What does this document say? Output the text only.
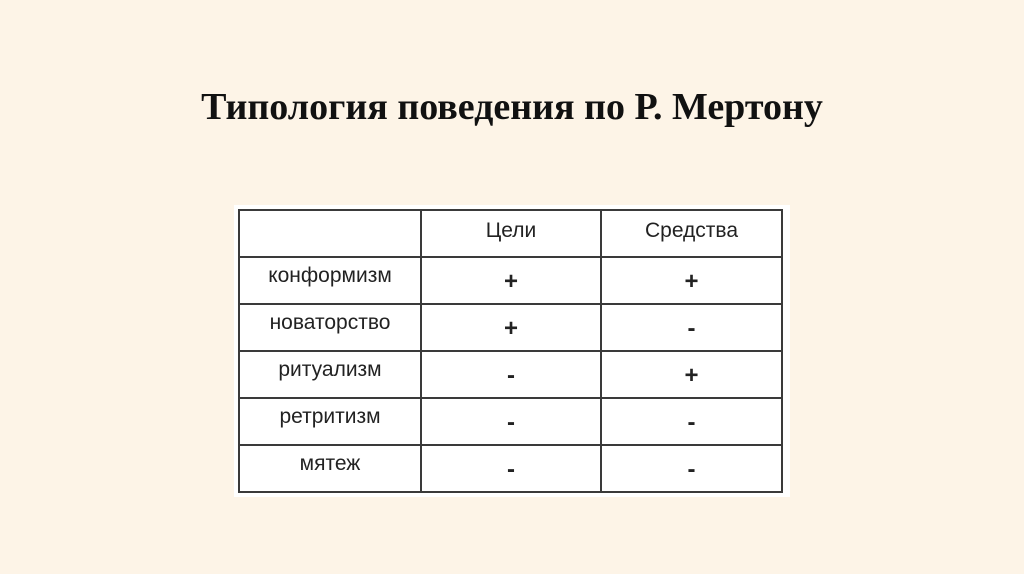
Типология поведения по Р. Мертону
	Цели	Средства
конформизм	+	+
новаторство	+	-
ритуализм	-	+
ретритизм	-	-
мятеж	-	-
